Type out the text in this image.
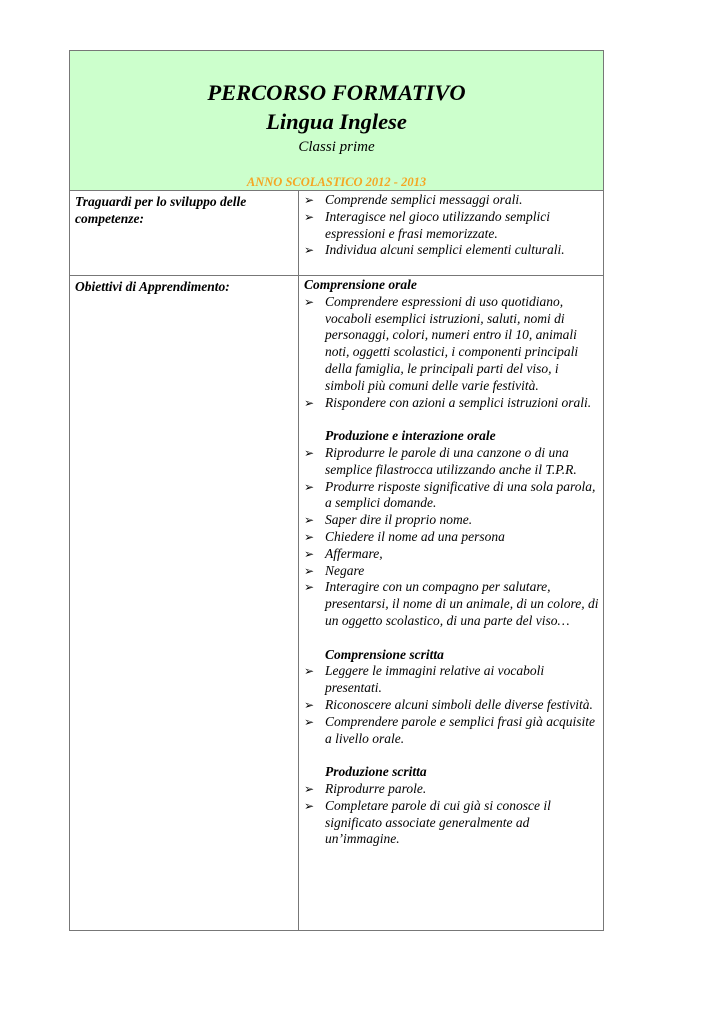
PERCORSO FORMATIVO
Lingua Inglese
Classi prime
ANNO SCOLASTICO 2012 - 2013
Traguardi per lo sviluppo delle competenze:
➢ Comprende semplici messaggi orali.
➢ Interagisce nel gioco utilizzando semplici espressioni e frasi memorizzate.
➢ Individua alcuni semplici elementi culturali.
Obiettivi di Apprendimento:	Comprensione orale
➢ Comprendere espressioni di uso quotidiano, vocaboli esemplici istruzioni, saluti, nomi di personaggi, colori, numeri entro il 10, animali noti, oggetti scolastici, i componenti principali della famiglia, le principali parti del viso, i simboli più comuni delle varie festività.
➢ Rispondere con azioni a semplici istruzioni orali.
Produzione e interazione orale
➢ Riprodurre le parole di una canzone o di una semplice filastrocca utilizzando anche il T.P.R.
➢ Produrre risposte significative di una sola parola, a semplici domande.
➢ Saper dire il proprio nome.
➢ Chiedere il nome ad una persona
➢ Affermare,
➢ Negare
➢ Interagire con un compagno per salutare, presentarsi, il nome di un animale, di un colore, di un oggetto scolastico, di una parte del viso…
Comprensione scritta
➢ Leggere le immagini relative ai vocaboli presentati.
➢ Riconoscere alcuni simboli delle diverse festività.
➢ Comprendere parole e semplici frasi già acquisite a livello orale.
Produzione scritta
➢ Riprodurre parole.
➢ Completare parole di cui già si conosce il significato associate generalmente ad un’immagine.
